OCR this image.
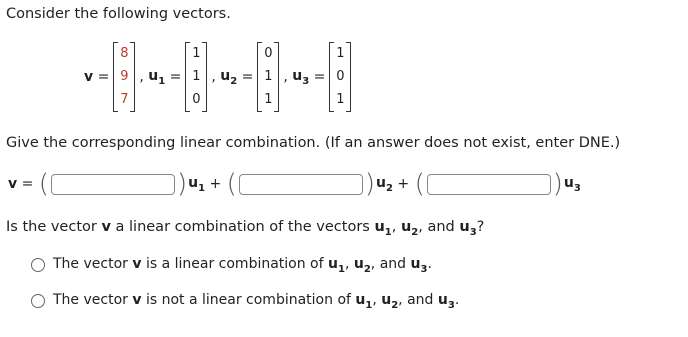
Consider the following vectors.
v =
8
9
7
, $u_1$ =
1
1
0
, $u_2$ =
0
1
1
, $u_3$ =
1
0
1
Give the corresponding linear combination. (If an answer does not exist, enter DNE.)
v = (	) $u_1$ + (	) $u_2$ + (	) $u_3$
Is the vector v a linear combination of the vectors $u_1$, $u_2$, and $u_3$?
The vector v is a linear combination of $u_1$, $u_2$, and $u_3$.
The vector v is not a linear combination of $u_1$, $u_2$, and $u_3$.
